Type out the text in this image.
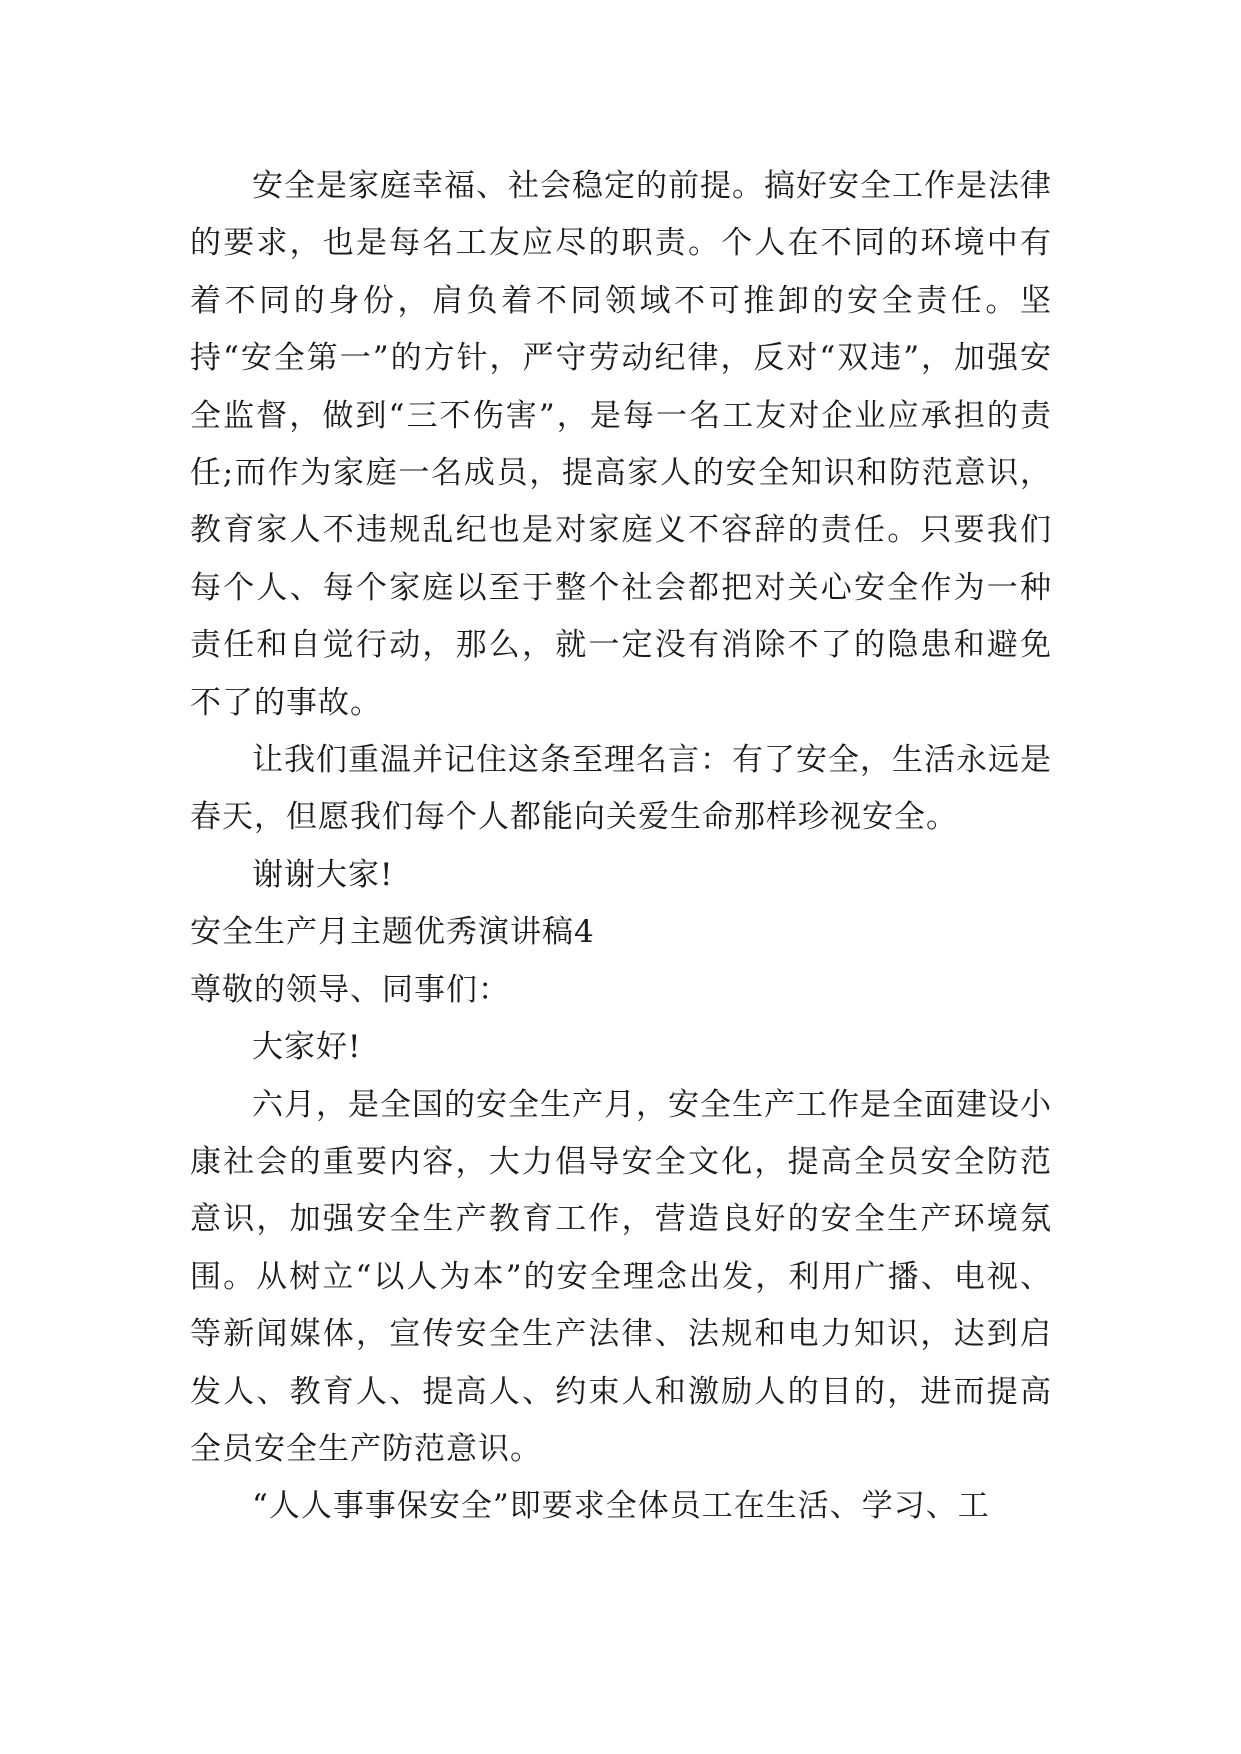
安全是家庭幸福、社会稳定的前提。搞好安全工作是法律的要求，也是每名工友应尽的职责。个人在不同的环境中有着不同的身份，肩负着不同领域不可推卸的安全责任。坚持“安全第一”的方针，严守劳动纪律，反对“双违”，加强安全监督，做到“三不伤害”，是每一名工友对企业应承担的责任;而作为家庭一名成员，提高家人的安全知识和防范意识，教育家人不违规乱纪也是对家庭义不容辞的责任。只要我们每个人、每个家庭以至于整个社会都把对关心安全作为一种责任和自觉行动，那么，就一定没有消除不了的隐患和避免不了的事故。

让我们重温并记住这条至理名言：有了安全，生活永远是春天，但愿我们每个人都能向关爱生命那样珍视安全。

谢谢大家!

安全生产月主题优秀演讲稿4

尊敬的领导、同事们：

大家好!

六月，是全国的安全生产月，安全生产工作是全面建设小康社会的重要内容，大力倡导安全文化，提高全员安全防范意识，加强安全生产教育工作，营造良好的安全生产环境氛围。从树立“以人为本”的安全理念出发，利用广播、电视、等新闻媒体，宣传安全生产法律、法规和电力知识，达到启发人、教育人、提高人、约束人和激励人的目的，进而提高全员安全生产防范意识。

“人人事事保安全”即要求全体员工在生活、学习、工
